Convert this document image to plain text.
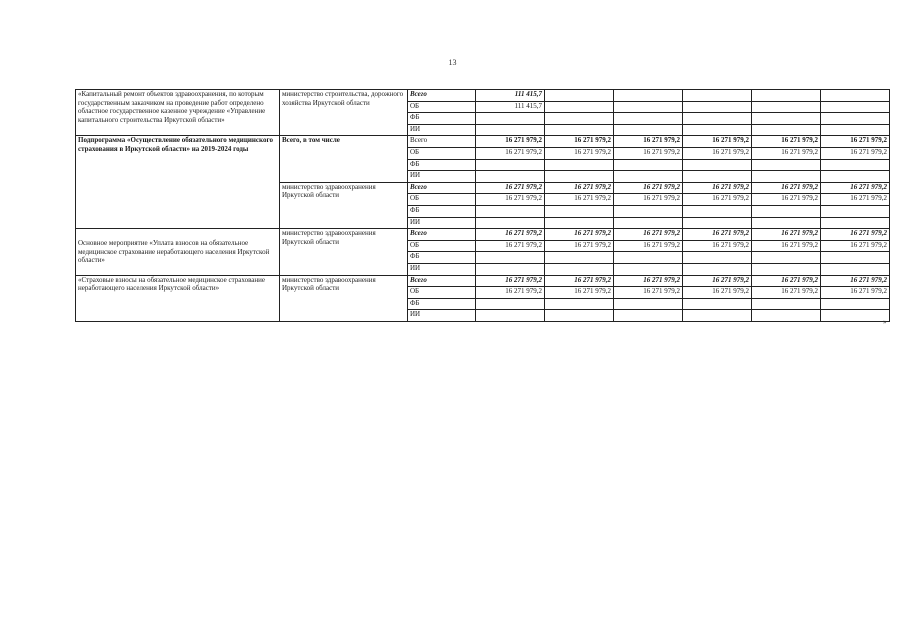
13
«Капитальный ремонт объектов здравоохранения, по которым государственным заказчиком на проведение работ определено областное государственное казенное учреждение «Управление капитального строительства Иркутской области»	министерство строительства, дорожного хозяйства Иркутской области	Всего	111 415,7					
		ОБ	111 415,7					
		ФБ						
		ИИ						
Подпрограмма «Осуществление обязательного медицинского страхования в Иркутской области» на 2019-2024 годы	Всего, в том числе	Всего	16 271 979,2	16 271 979,2	16 271 979,2	16 271 979,2	16 271 979,2	16 271 979,2
		ОБ	16 271 979,2	16 271 979,2	16 271 979,2	16 271 979,2	16 271 979,2	16 271 979,2
		ФБ						
		ИИ						
	министерство здравоохранения Иркутской области	Всего	16 271 979,2	16 271 979,2	16 271 979,2	16 271 979,2	16 271 979,2	16 271 979,2
		ОБ	16 271 979,2	16 271 979,2	16 271 979,2	16 271 979,2	16 271 979,2	16 271 979,2
		ФБ						
		ИИ						
Основное мероприятие «Уплата взносов на обязательное медицинское страхование неработающего населения Иркутской области»	министерство здравоохранения Иркутской области	Всего	16 271 979,2	16 271 979,2	16 271 979,2	16 271 979,2	16 271 979,2	16 271 979,2
		ОБ	16 271 979,2	16 271 979,2	16 271 979,2	16 271 979,2	16 271 979,2	16 271 979,2
		ФБ						
		ИИ						
«Страховые взносы на обязательное медицинское страхование неработающего населения Иркутской области»	министерство здравоохранения Иркутской области	Всего	16 271 979,2	16 271 979,2	16 271 979,2	16 271 979,2	16 271 979,2	16 271 979,2
		ОБ	16 271 979,2	16 271 979,2	16 271 979,2	16 271 979,2	16 271 979,2	16 271 979,2
		ФБ						
		ИИ						
»
